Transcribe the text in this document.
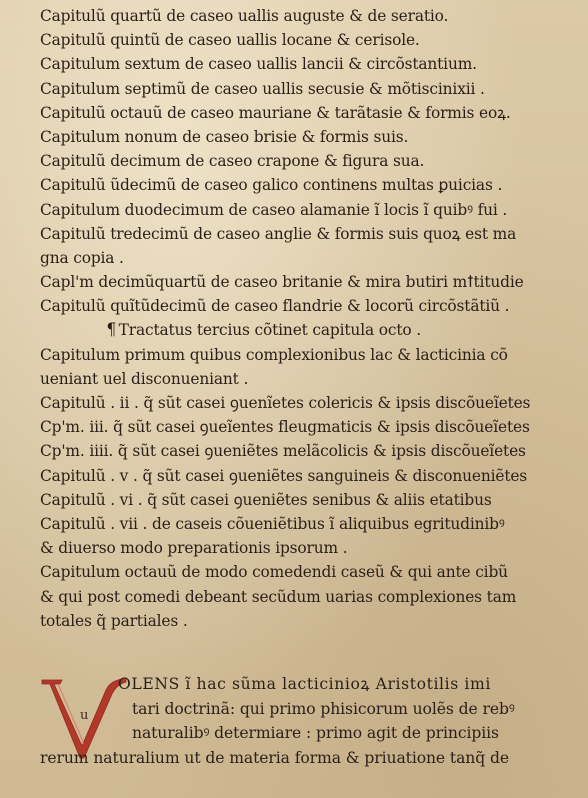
Capitulũ quartũ de caseo uallis auguste & de seratio.
Capitulũ quintũ de caseo uallis locane & cerisole.
Capitulum sextum de caseo uallis lancii & circõstantium.
Capitulum septimũ de caseo uallis secusie & mõtiscinixii .
Capitulũ octauũ de caseo mauriane & tarãtasie & formis eoꝝ.
Capitulum nonum de caseo brisie & formis suis.
Capitulũ decimum de caseo crapone & figura sua.
Capitulũ ũdecimũ de caseo galico continens multas ꝑuicias .
Capitulum duodecimum de caseo alamanie ĩ locis ĩ quibꝰ fui .
Capitulũ tredecimũ de caseo anglie & formis suis quoꝝ est ma
gna copia .
Capl'm decimũquartũ de caseo britanie & mira butiri mꝉtitudie
Capitulũ quĩtũdecimũ de caseo flandrie & locorũ circõstãtiũ .
¶ Tractatus tercius cõtinet capitula octo .
Capitulum primum quibus complexionibus lac & lacticinia cõ
ueniant uel disconueniant .
Capitulũ . ii . q̃ sũt casei ꝯuenĩetes colericis & ipsis discõueĩetes
Cp'm. iii. q̃ sũt casei ꝯueĩentes fleugmaticis & ipsis discõueĩetes
Cp'm. iiii. q̃ sũt casei ꝯueniẽtes melãcolicis & ipsis discõueĩetes
Capitulũ . v . q̃ sũt casei ꝯueniẽtes sanguineis & disconueniẽtes
Capitulũ . vi . q̃ sũt casei ꝯueniẽtes senibus & aliis etatibus
Capitulũ . vii . de caseis cõueniẽtibus ĩ aliquibus egritudinibꝰ
& diuerso modo preparationis ipsorum .
Capitulum octauũ de modo comedendi caseũ & qui ante cibũ
& qui post comedi debeant secũdum uarias complexiones tam
totales q̃ partiales .
u
OLENS ĩ hac sũma lacticinioꝝ Aristotilis imi
tari doctrinã: qui primo phisicorum uolẽs de rebꝰ
naturalibꝰ determiare : primo agit de principiis
rerum naturalium ut de materia forma & priuatione tanq̃ de
